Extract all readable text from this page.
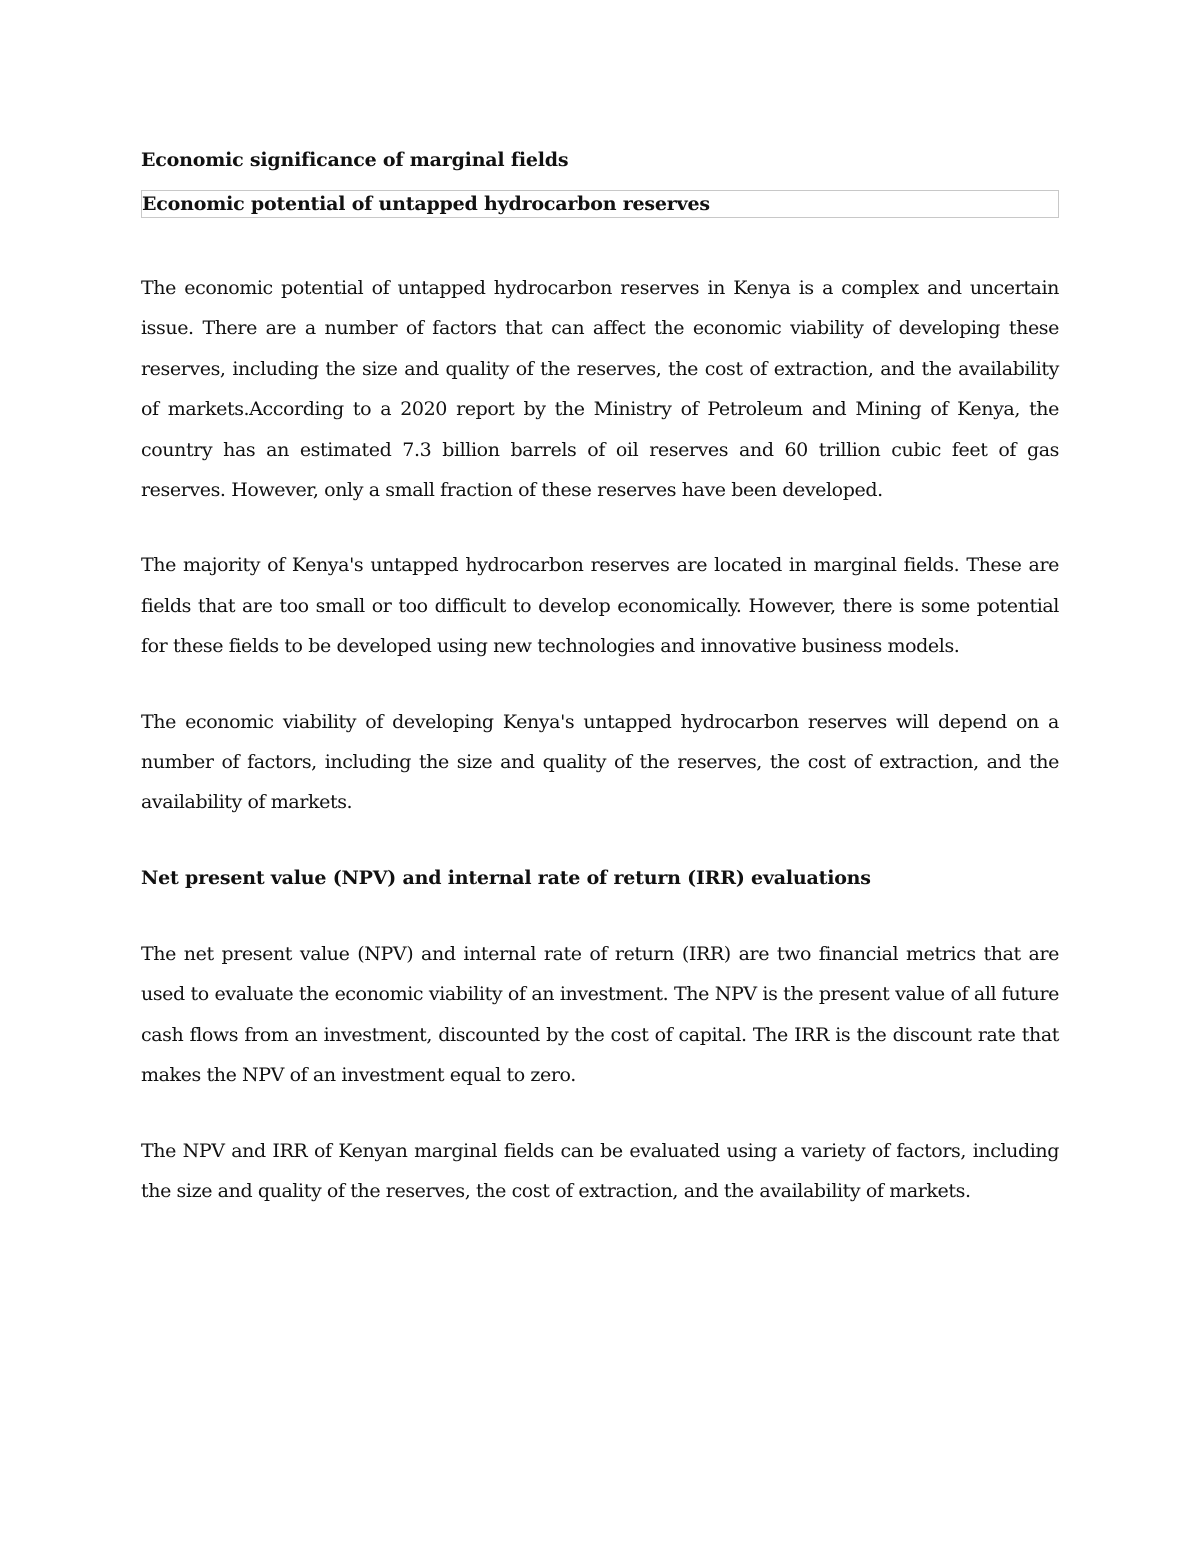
Economic significance of marginal fields
Economic potential of untapped hydrocarbon reserves

The economic potential of untapped hydrocarbon reserves in Kenya is a complex and uncertain issue. There are a number of factors that can affect the economic viability of developing these reserves, including the size and quality of the reserves, the cost of extraction, and the availability of markets.According to a 2020 report by the Ministry of Petroleum and Mining of Kenya, the country has an estimated 7.3 billion barrels of oil reserves and 60 trillion cubic feet of gas reserves. However, only a small fraction of these reserves have been developed.

The majority of Kenya's untapped hydrocarbon reserves are located in marginal fields. These are fields that are too small or too difficult to develop economically. However, there is some potential for these fields to be developed using new technologies and innovative business models.

The economic viability of developing Kenya's untapped hydrocarbon reserves will depend on a number of factors, including the size and quality of the reserves, the cost of extraction, and the availability of markets.

Net present value (NPV) and internal rate of return (IRR) evaluations

The net present value (NPV) and internal rate of return (IRR) are two financial metrics that are used to evaluate the economic viability of an investment. The NPV is the present value of all future cash flows from an investment, discounted by the cost of capital. The IRR is the discount rate that makes the NPV of an investment equal to zero.

The NPV and IRR of Kenyan marginal fields can be evaluated using a variety of factors, including the size and quality of the reserves, the cost of extraction, and the availability of markets.
